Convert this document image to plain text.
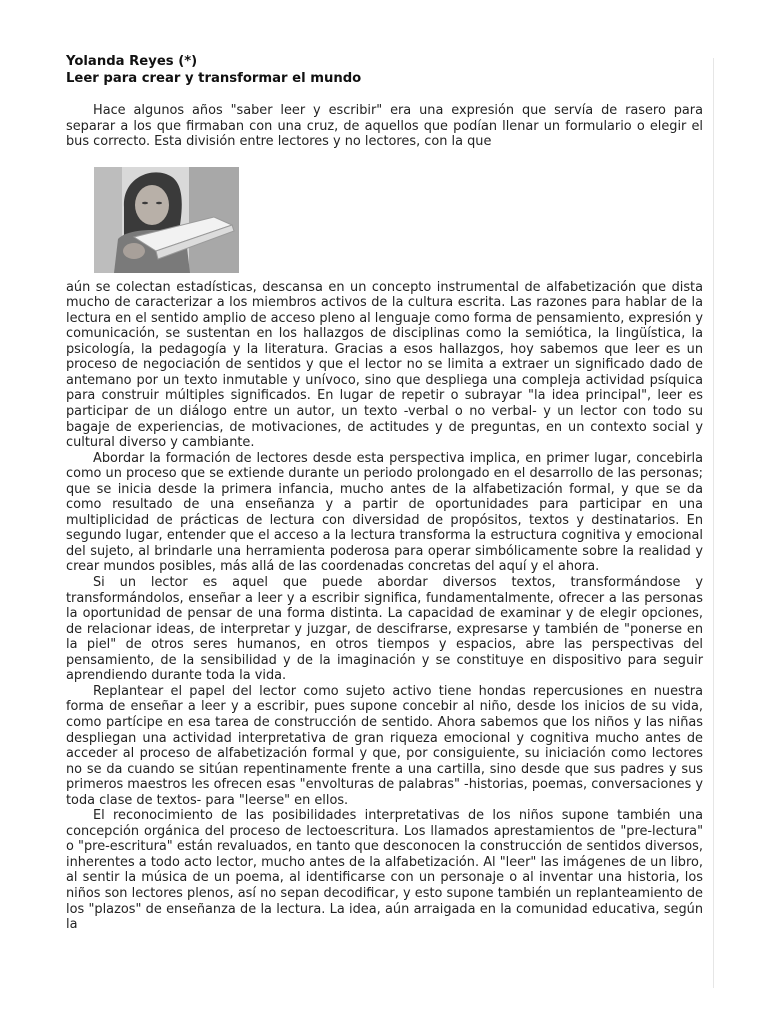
Yolanda Reyes (*)
Leer para crear y transformar el mundo

Hace algunos años "saber leer y escribir" era una expresión que servía de rasero para separar a los que firmaban con una cruz, de aquellos que podían llenar un formulario o elegir el bus correcto. Esta división entre lectores y no lectores, con la que

aún se colectan estadísticas, descansa en un concepto instrumental de alfabetización que dista mucho de caracterizar a los miembros activos de la cultura escrita. Las razones para hablar de la lectura en el sentido amplio de acceso pleno al lenguaje como forma de pensamiento, expresión y comunicación, se sustentan en los hallazgos de disciplinas como la semiótica, la lingüística, la psicología, la pedagogía y la literatura. Gracias a esos hallazgos, hoy sabemos que leer es un proceso de negociación de sentidos y que el lector no se limita a extraer un significado dado de antemano por un texto inmutable y unívoco, sino que despliega una compleja actividad psíquica para construir múltiples significados. En lugar de repetir o subrayar "la idea principal", leer es participar de un diálogo entre un autor, un texto -verbal o no verbal- y un lector con todo su bagaje de experiencias, de motivaciones, de actitudes y de preguntas, en un contexto social y cultural diverso y cambiante.

Abordar la formación de lectores desde esta perspectiva implica, en primer lugar, concebirla como un proceso que se extiende durante un periodo prolongado en el desarrollo de las personas; que se inicia desde la primera infancia, mucho antes de la alfabetización formal, y que se da como resultado de una enseñanza y a partir de oportunidades para participar en una multiplicidad de prácticas de lectura con diversidad de propósitos, textos y destinatarios. En segundo lugar, entender que el acceso a la lectura transforma la estructura cognitiva y emocional del sujeto, al brindarle una herramienta poderosa para operar simbólicamente sobre la realidad y crear mundos posibles, más allá de las coordenadas concretas del aquí y el ahora.

Si un lector es aquel que puede abordar diversos textos, transformándose y transformándolos, enseñar a leer y a escribir significa, fundamentalmente, ofrecer a las personas la oportunidad de pensar de una forma distinta. La capacidad de examinar y de elegir opciones, de relacionar ideas, de interpretar y juzgar, de descifrarse, expresarse y también de "ponerse en la piel" de otros seres humanos, en otros tiempos y espacios, abre las perspectivas del pensamiento, de la sensibilidad y de la imaginación y se constituye en dispositivo para seguir aprendiendo durante toda la vida.

Replantear el papel del lector como sujeto activo tiene hondas repercusiones en nuestra forma de enseñar a leer y a escribir, pues supone concebir al niño, desde los inicios de su vida, como partícipe en esa tarea de construcción de sentido. Ahora sabemos que los niños y las niñas despliegan una actividad interpretativa de gran riqueza emocional y cognitiva mucho antes de acceder al proceso de alfabetización formal y que, por consiguiente, su iniciación como lectores no se da cuando se sitúan repentinamente frente a una cartilla, sino desde que sus padres y sus primeros maestros les ofrecen esas "envolturas de palabras" -historias, poemas, conversaciones y toda clase de textos- para "leerse" en ellos.

El reconocimiento de las posibilidades interpretativas de los niños supone también una concepción orgánica del proceso de lectoescritura. Los llamados aprestamientos de "pre-lectura" o "pre-escritura" están revaluados, en tanto que desconocen la construcción de sentidos diversos, inherentes a todo acto lector, mucho antes de la alfabetización. Al "leer" las imágenes de un libro, al sentir la música de un poema, al identificarse con un personaje o al inventar una historia, los niños son lectores plenos, así no sepan decodificar, y esto supone también un replanteamiento de los "plazos" de enseñanza de la lectura. La idea, aún arraigada en la comunidad educativa, según la
